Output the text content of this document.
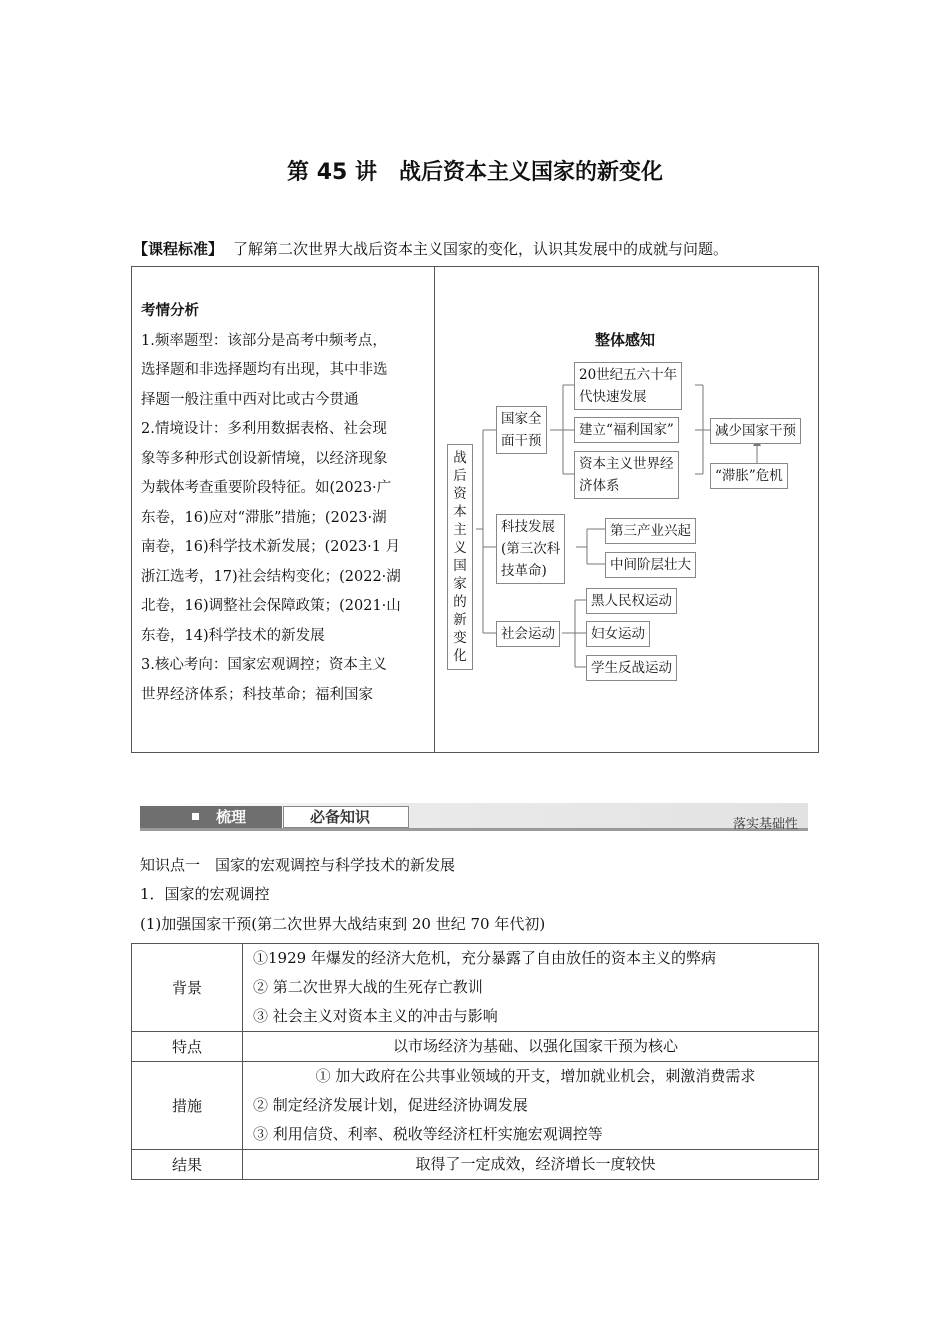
第 45 讲　战后资本主义国家的新变化
【课程标准】 了解第二次世界大战后资本主义国家的变化，认识其发展中的成就与问题。
考情分析
1.频率题型：该部分是高考中频考点，
选择题和非选择题均有出现，其中非选
择题一般注重中西对比或古今贯通
2.情境设计：多利用数据表格、社会现
象等多种形式创设新情境，以经济现象
为载体考查重要阶段特征。如(2023·广
东卷，16)应对“滞胀”措施；(2023·湖
南卷，16)科学技术新发展；(2023·1 月
浙江选考，17)社会结构变化；(2022·湖
北卷，16)调整社会保障政策；(2021·山
东卷，14)科学技术的新发展
3.核心考向：国家宏观调控；资本主义
世界经济体系；科技革命；福利国家
整体感知
战后资本主义国家的新变化
国家全
面干预
20世纪五六十年
代快速发展
建立“福利国家”
资本主义世界经
济体系
减少国家干预
“滞胀”危机
科技发展
(第三次科
技革命)
第三产业兴起
中间阶层壮大
社会运动
黑人民权运动
妇女运动
学生反战运动
梳理	必备知识	落实基础性
知识点一　国家的宏观调控与科学技术的新发展
1．国家的宏观调控
(1)加强国家干预(第二次世界大战结束到 20 世纪 70 年代初)
背景	①1929 年爆发的经济大危机，充分暴露了自由放任的资本主义的弊病
② 第二次世界大战的生死存亡教训
③ 社会主义对资本主义的冲击与影响

特点	以市场经济为基础、以强化国家干预为核心

措施	① 加大政府在公共事业领域的开支，增加就业机会，刺激消费需求
② 制定经济发展计划，促进经济协调发展
③ 利用信贷、利率、税收等经济杠杆实施宏观调控等

结果	取得了一定成效，经济增长一度较快
